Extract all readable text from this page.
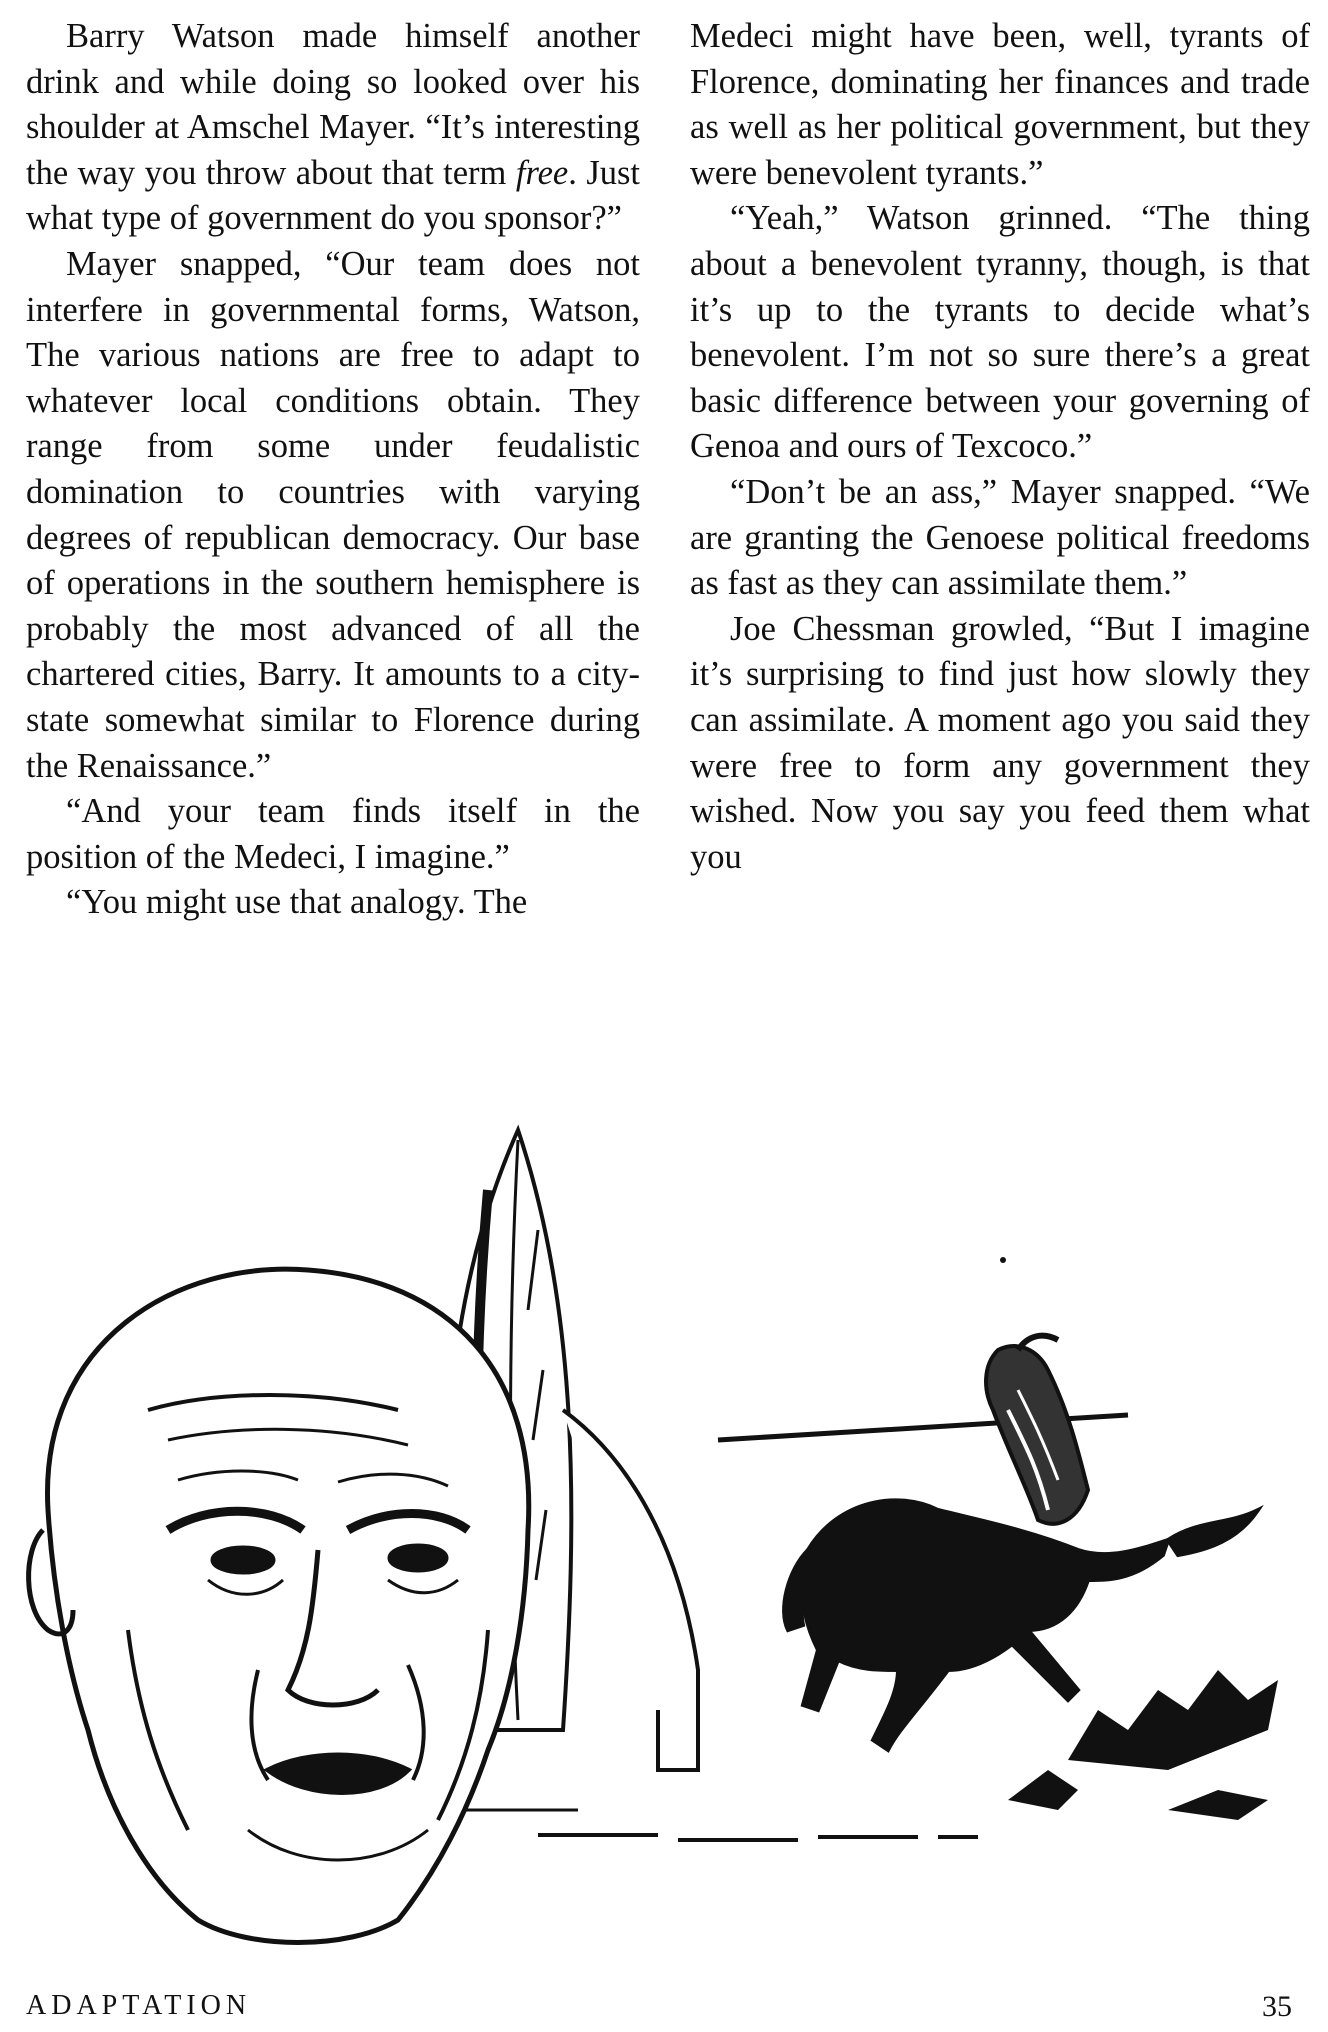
Barry Watson made himself another drink and while doing so looked over his shoulder at Amschel Mayer. “It’s interesting the way you throw about that term free. Just what type of government do you sponsor?”

Mayer snapped, “Our team does not interfere in governmental forms, Watson, The various nations are free to adapt to whatever local conditions obtain. They range from some under feudalistic domination to countries with varying degrees of republican democracy. Our base of operations in the southern hemisphere is probably the most advanced of all the chartered cities, Barry. It amounts to a city-state somewhat similar to Florence during the Renaissance.”

“And your team finds itself in the position of the Medeci, I imagine.”

“You might use that analogy. The

Medeci might have been, well, tyrants of Florence, dominating her finances and trade as well as her political government, but they were benevolent tyrants.”

“Yeah,” Watson grinned. “The thing about a benevolent tyranny, though, is that it’s up to the tyrants to decide what’s benevolent. I’m not so sure there’s a great basic difference between your governing of Genoa and ours of Texcoco.”

“Don’t be an ass,” Mayer snapped. “We are granting the Genoese political freedoms as fast as they can assimilate them.”

Joe Chessman growled, “But I imagine it’s surprising to find just how slowly they can assimilate. A moment ago you said they were free to form any government they wished. Now you say you feed them what you

ADAPTATION	35
